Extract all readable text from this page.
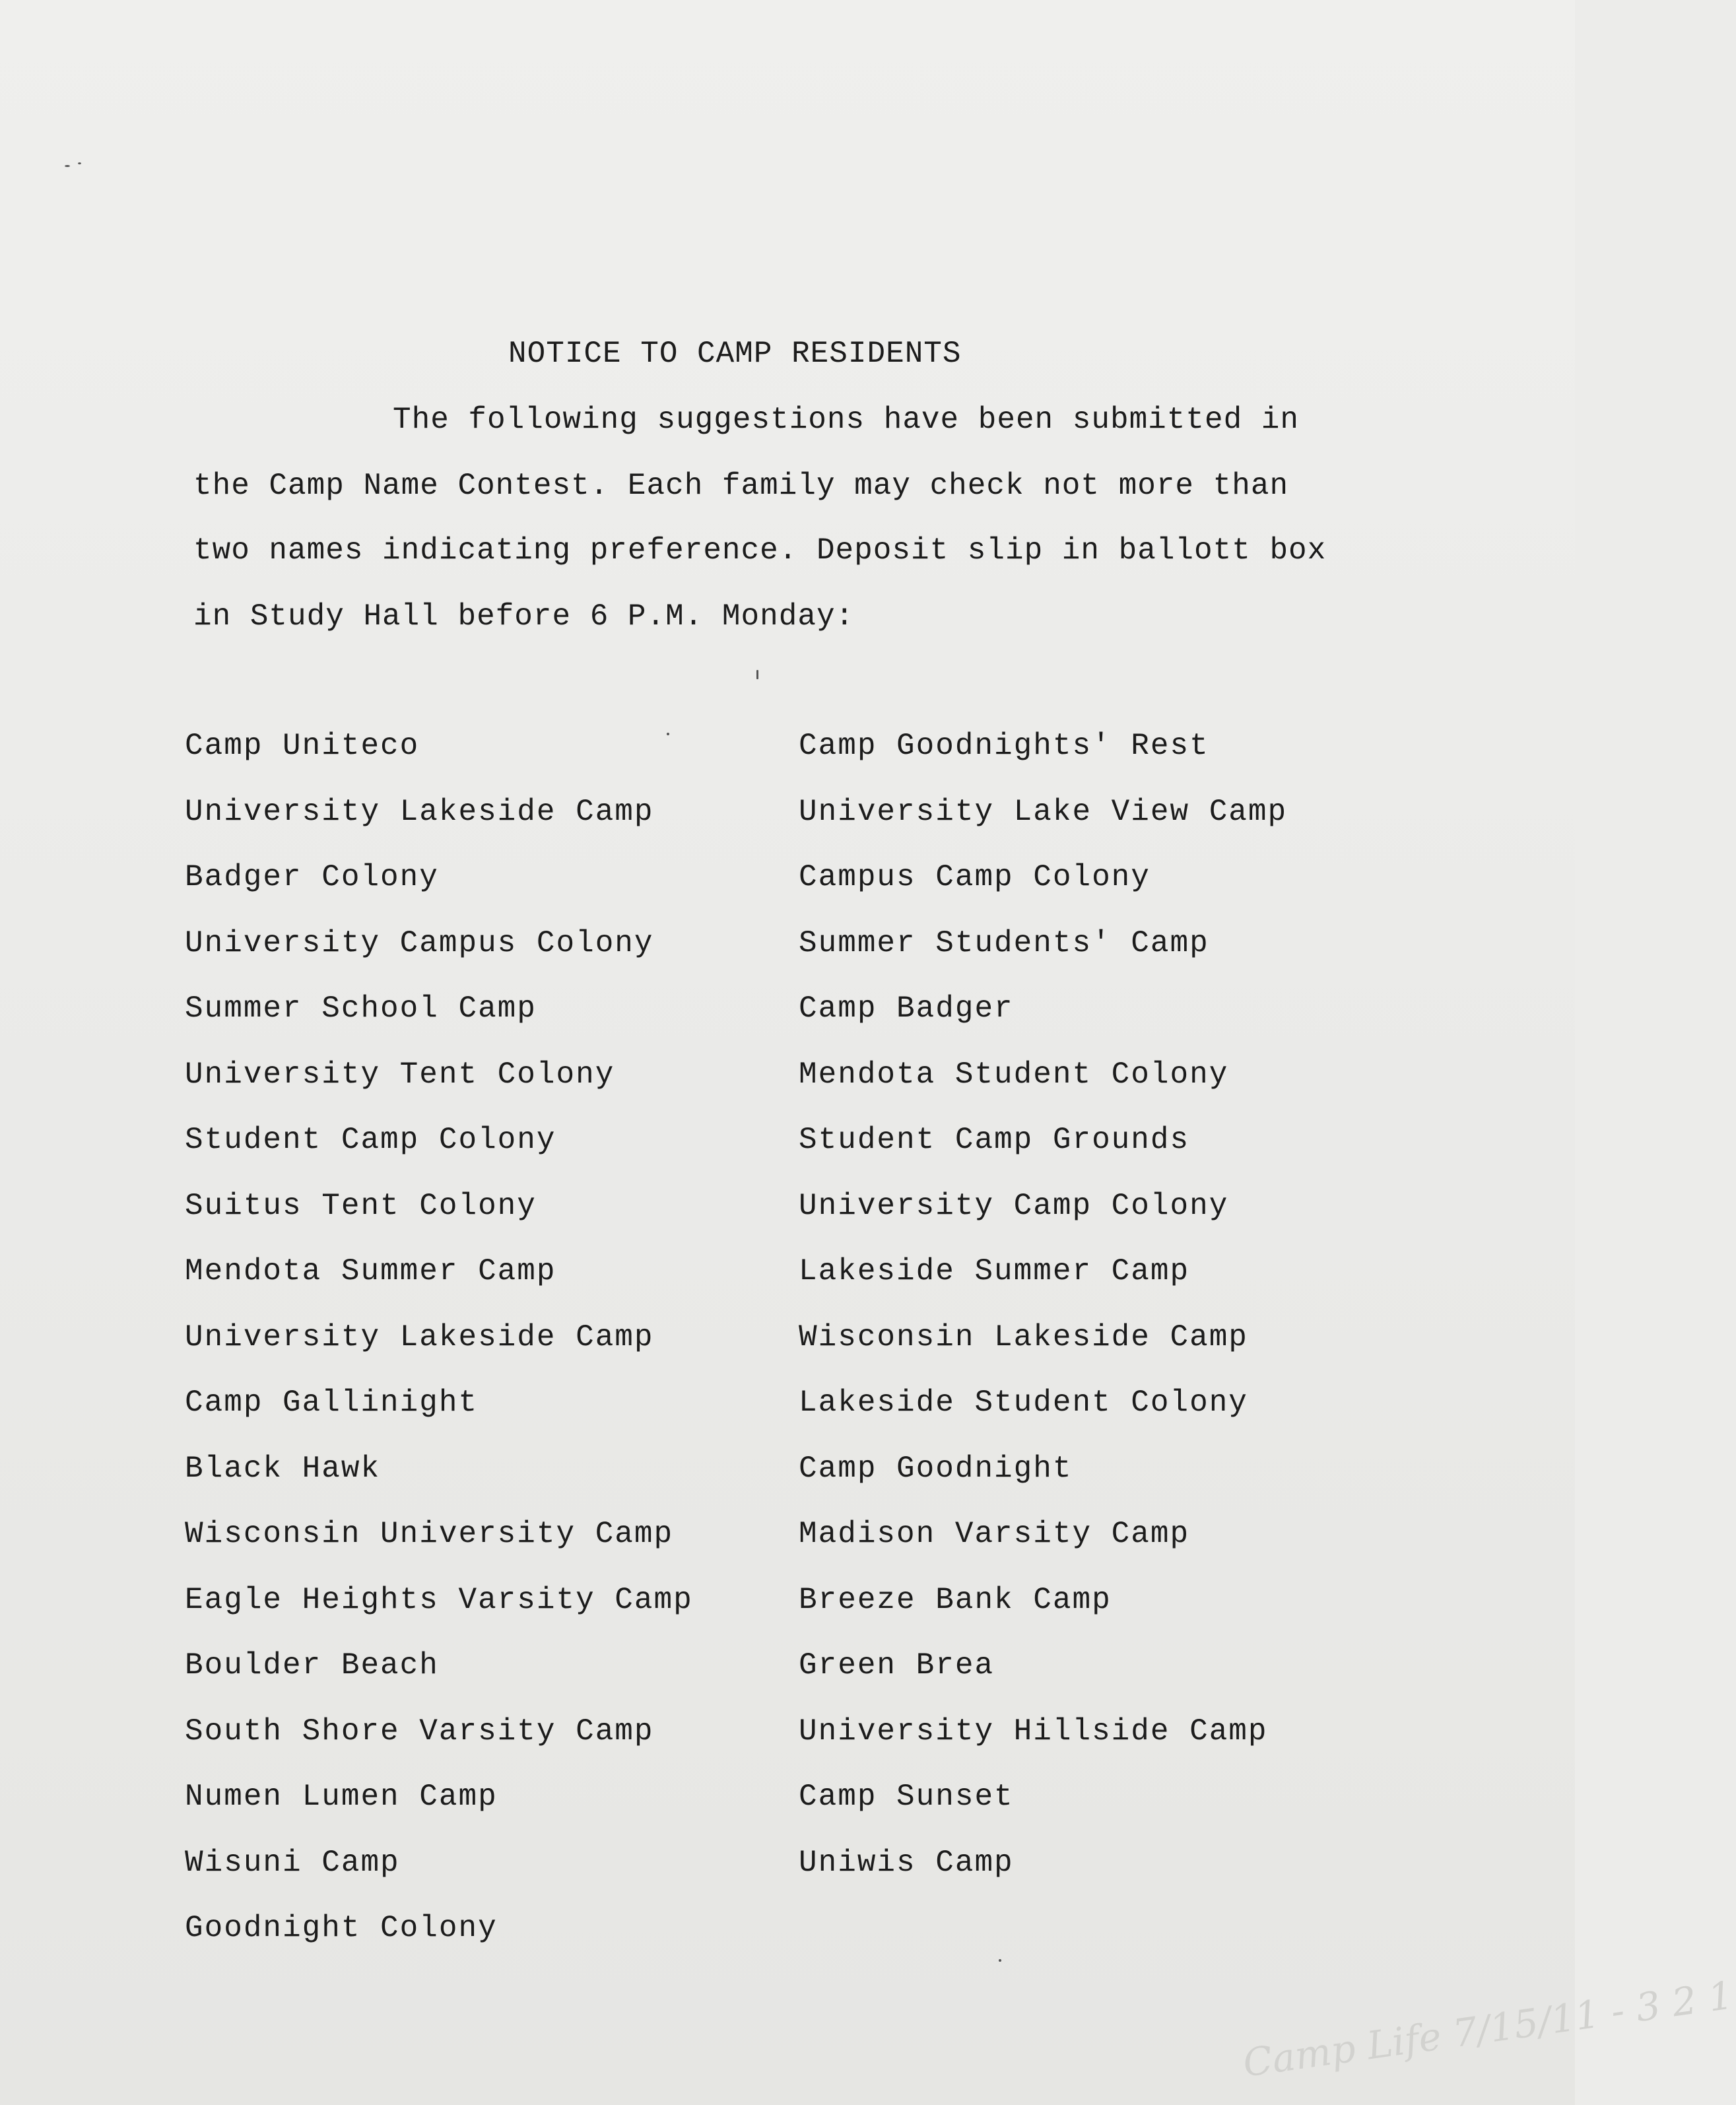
NOTICE TO CAMP RESIDENTS
The following suggestions have been submitted in
the Camp Name Contest. Each family may check not more than
two names indicating preference. Deposit slip in ballott box
in Study Hall before 6 P.M. Monday:
Camp Uniteco
University Lakeside Camp
Badger Colony
University Campus Colony
Summer School Camp
University Tent Colony
Student Camp Colony
Suitus Tent Colony
Mendota Summer Camp
University Lakeside Camp
Camp Gallinight
Black Hawk
Wisconsin University Camp
Eagle Heights Varsity Camp
Boulder Beach
South Shore Varsity Camp
Numen Lumen Camp
Wisuni Camp
Goodnight Colony
Camp Goodnights' Rest
University Lake View Camp
Campus Camp Colony
Summer Students' Camp
Camp Badger
Mendota Student Colony
Student Camp Grounds
University Camp Colony
Lakeside Summer Camp
Wisconsin Lakeside Camp
Lakeside Student Colony
Camp Goodnight
Madison Varsity Camp
Breeze Bank Camp
Green Brea
University Hillside Camp
Camp Sunset
Uniwis Camp
Camp Life 7/15/11 - 3 2 1
